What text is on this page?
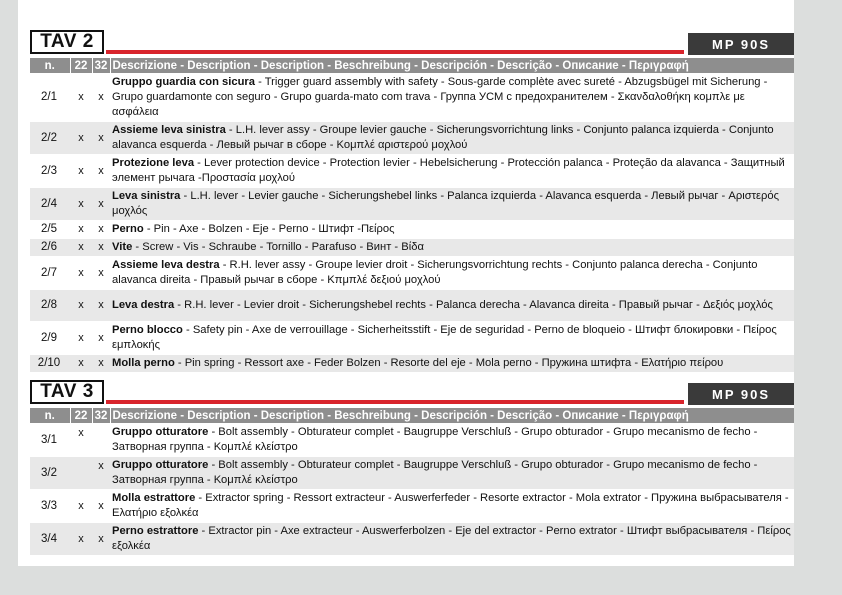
TAV 2	MP 90S
n.	22	32	Descrizione - Description - Description - Beschreibung - Descripción - Descrição - Описание - Περιγραφή
2/1	x	x	Gruppo guardia con sicura - Trigger guard assembly with safety - Sous-garde complète avec sureté - Abzugsbügel mit Sicherung - Grupo guardamonte con seguro - Grupo guarda-mato com trava - Группа УСМ с предохранителем - Σκανδαλοθήκη κομπλε με ασφάλεια
2/2	x	x	Assieme leva sinistra - L.H. lever assy - Groupe levier gauche - Sicherungsvorrichtung links - Conjunto palanca izquierda - Conjunto alavanca esquerda - Левый рычаг в сборе - Κομπλέ αριστερού μοχλού
2/3	x	x	Protezione leva - Lever protection device - Protection levier - Hebelsicherung - Protección palanca - Proteção da alavanca - Защитный элемент рычага -Προστασία μοχλού
2/4	x	x	Leva sinistra - L.H. lever - Levier gauche - Sicherungshebel links - Palanca izquierda - Alavanca esquerda - Левый рычаг - Αριστερός μοχλός
2/5	x	x	Perno - Pin - Axe - Bolzen - Eje - Perno - Штифт -Πείρος
2/6	x	x	Vite - Screw - Vis - Schraube - Tornillo - Parafuso - Винт - Βίδα
2/7	x	x	Assieme leva destra - R.H. lever assy - Groupe levier droit - Sicherungsvorrichtung rechts - Conjunto palanca derecha - Conjunto alavanca direita - Правый рычаг в сборе - Κπμπλέ δεξιού μοχλού
2/8	x	x	Leva destra - R.H. lever - Levier droit - Sicherungshebel rechts - Palanca derecha - Alavanca direita - Правый рычаг - Δεξιός μοχλός
2/9	x	x	Perno blocco - Safety pin - Axe de verrouillage - Sicherheitsstift - Eje de seguridad - Perno de bloqueio - Штифт блокировки - Πείρος εμπλοκής
2/10	x	x	Molla perno - Pin spring - Ressort axe - Feder Bolzen - Resorte del eje - Mola perno - Пружина штифта - Ελατήριο πείρου
TAV 3	MP 90S
n.	22	32	Descrizione - Description - Description - Beschreibung - Descripción - Descrição - Описание - Περιγραφή
3/1	x		Gruppo otturatore - Bolt assembly - Obturateur complet - Baugruppe Verschluß - Grupo obturador - Grupo mecanismo de fecho - Затворная группа - Κομπλέ κλείστρο
3/2		x	Gruppo otturatore - Bolt assembly - Obturateur complet - Baugruppe Verschluß - Grupo obturador - Grupo mecanismo de fecho - Затворная группа - Κομπλέ κλείστρο
3/3	x	x	Molla estrattore - Extractor spring - Ressort extracteur - Auswerferfeder - Resorte extractor - Mola extrator - Пружина выбрасывателя - Ελατήριο εξολκέα
3/4	x	x	Perno estrattore - Extractor pin - Axe extracteur - Auswerferbolzen - Eje del extractor - Perno extrator - Штифт выбрасывателя - Πείρος εξολκέα
